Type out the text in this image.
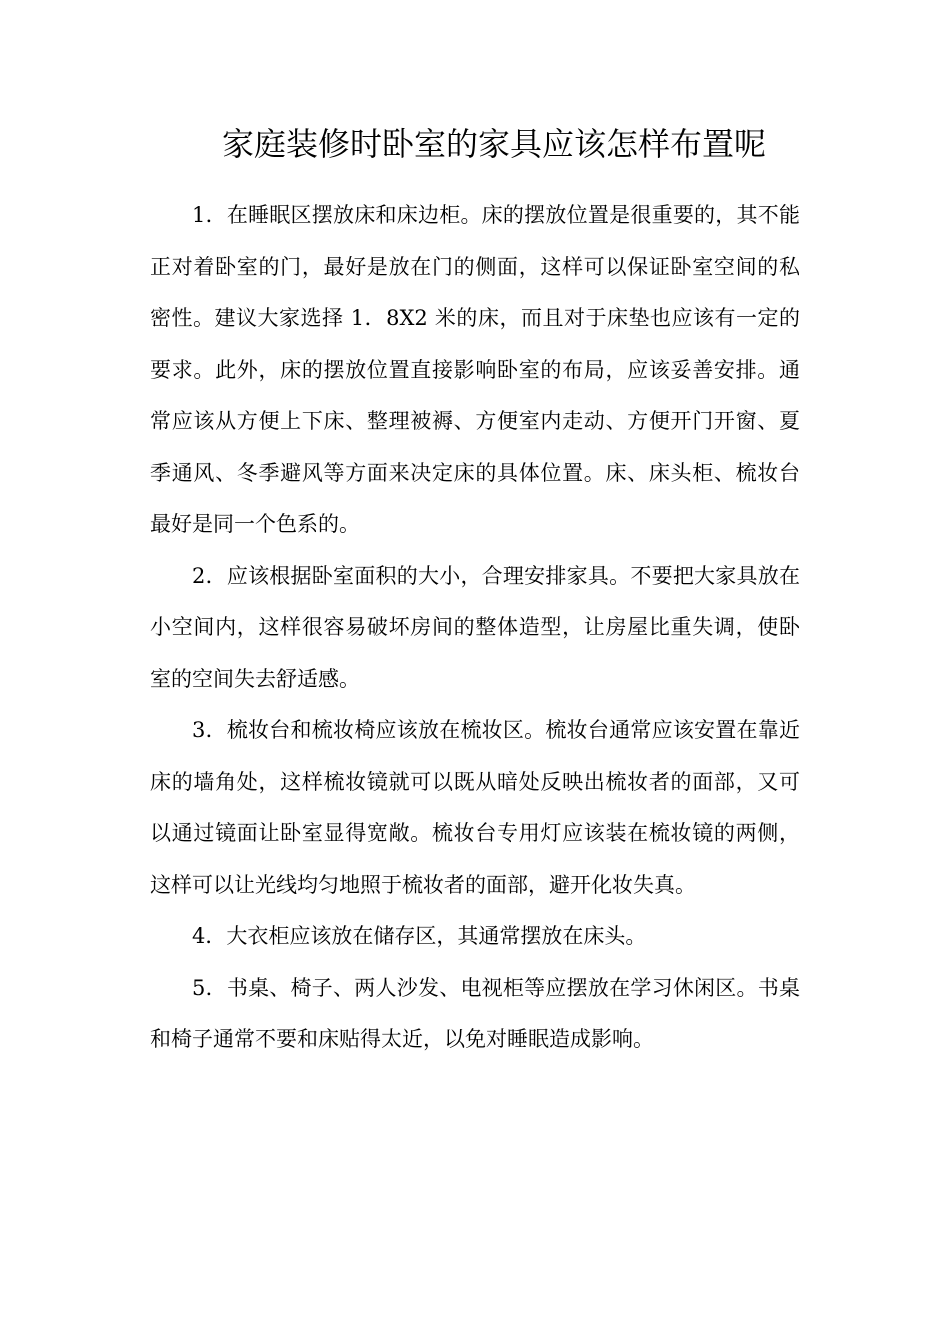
家庭装修时卧室的家具应该怎样布置呢

1．在睡眠区摆放床和床边柜。床的摆放位置是很重要的，其不能正对着卧室的门，最好是放在门的侧面，这样可以保证卧室空间的私密性。建议大家选择 1．8X2 米的床，而且对于床垫也应该有一定的要求。此外，床的摆放位置直接影响卧室的布局，应该妥善安排。通常应该从方便上下床、整理被褥、方便室内走动、方便开门开窗、夏季通风、冬季避风等方面来决定床的具体位置。床、床头柜、梳妆台最好是同一个色系的。

2．应该根据卧室面积的大小，合理安排家具。不要把大家具放在小空间内，这样很容易破坏房间的整体造型，让房屋比重失调，使卧室的空间失去舒适感。

3．梳妆台和梳妆椅应该放在梳妆区。梳妆台通常应该安置在靠近床的墙角处，这样梳妆镜就可以既从暗处反映出梳妆者的面部，又可以通过镜面让卧室显得宽敞。梳妆台专用灯应该装在梳妆镜的两侧，这样可以让光线均匀地照于梳妆者的面部，避开化妆失真。

4．大衣柜应该放在储存区，其通常摆放在床头。

5．书桌、椅子、两人沙发、电视柜等应摆放在学习休闲区。书桌和椅子通常不要和床贴得太近，以免对睡眠造成影响。
